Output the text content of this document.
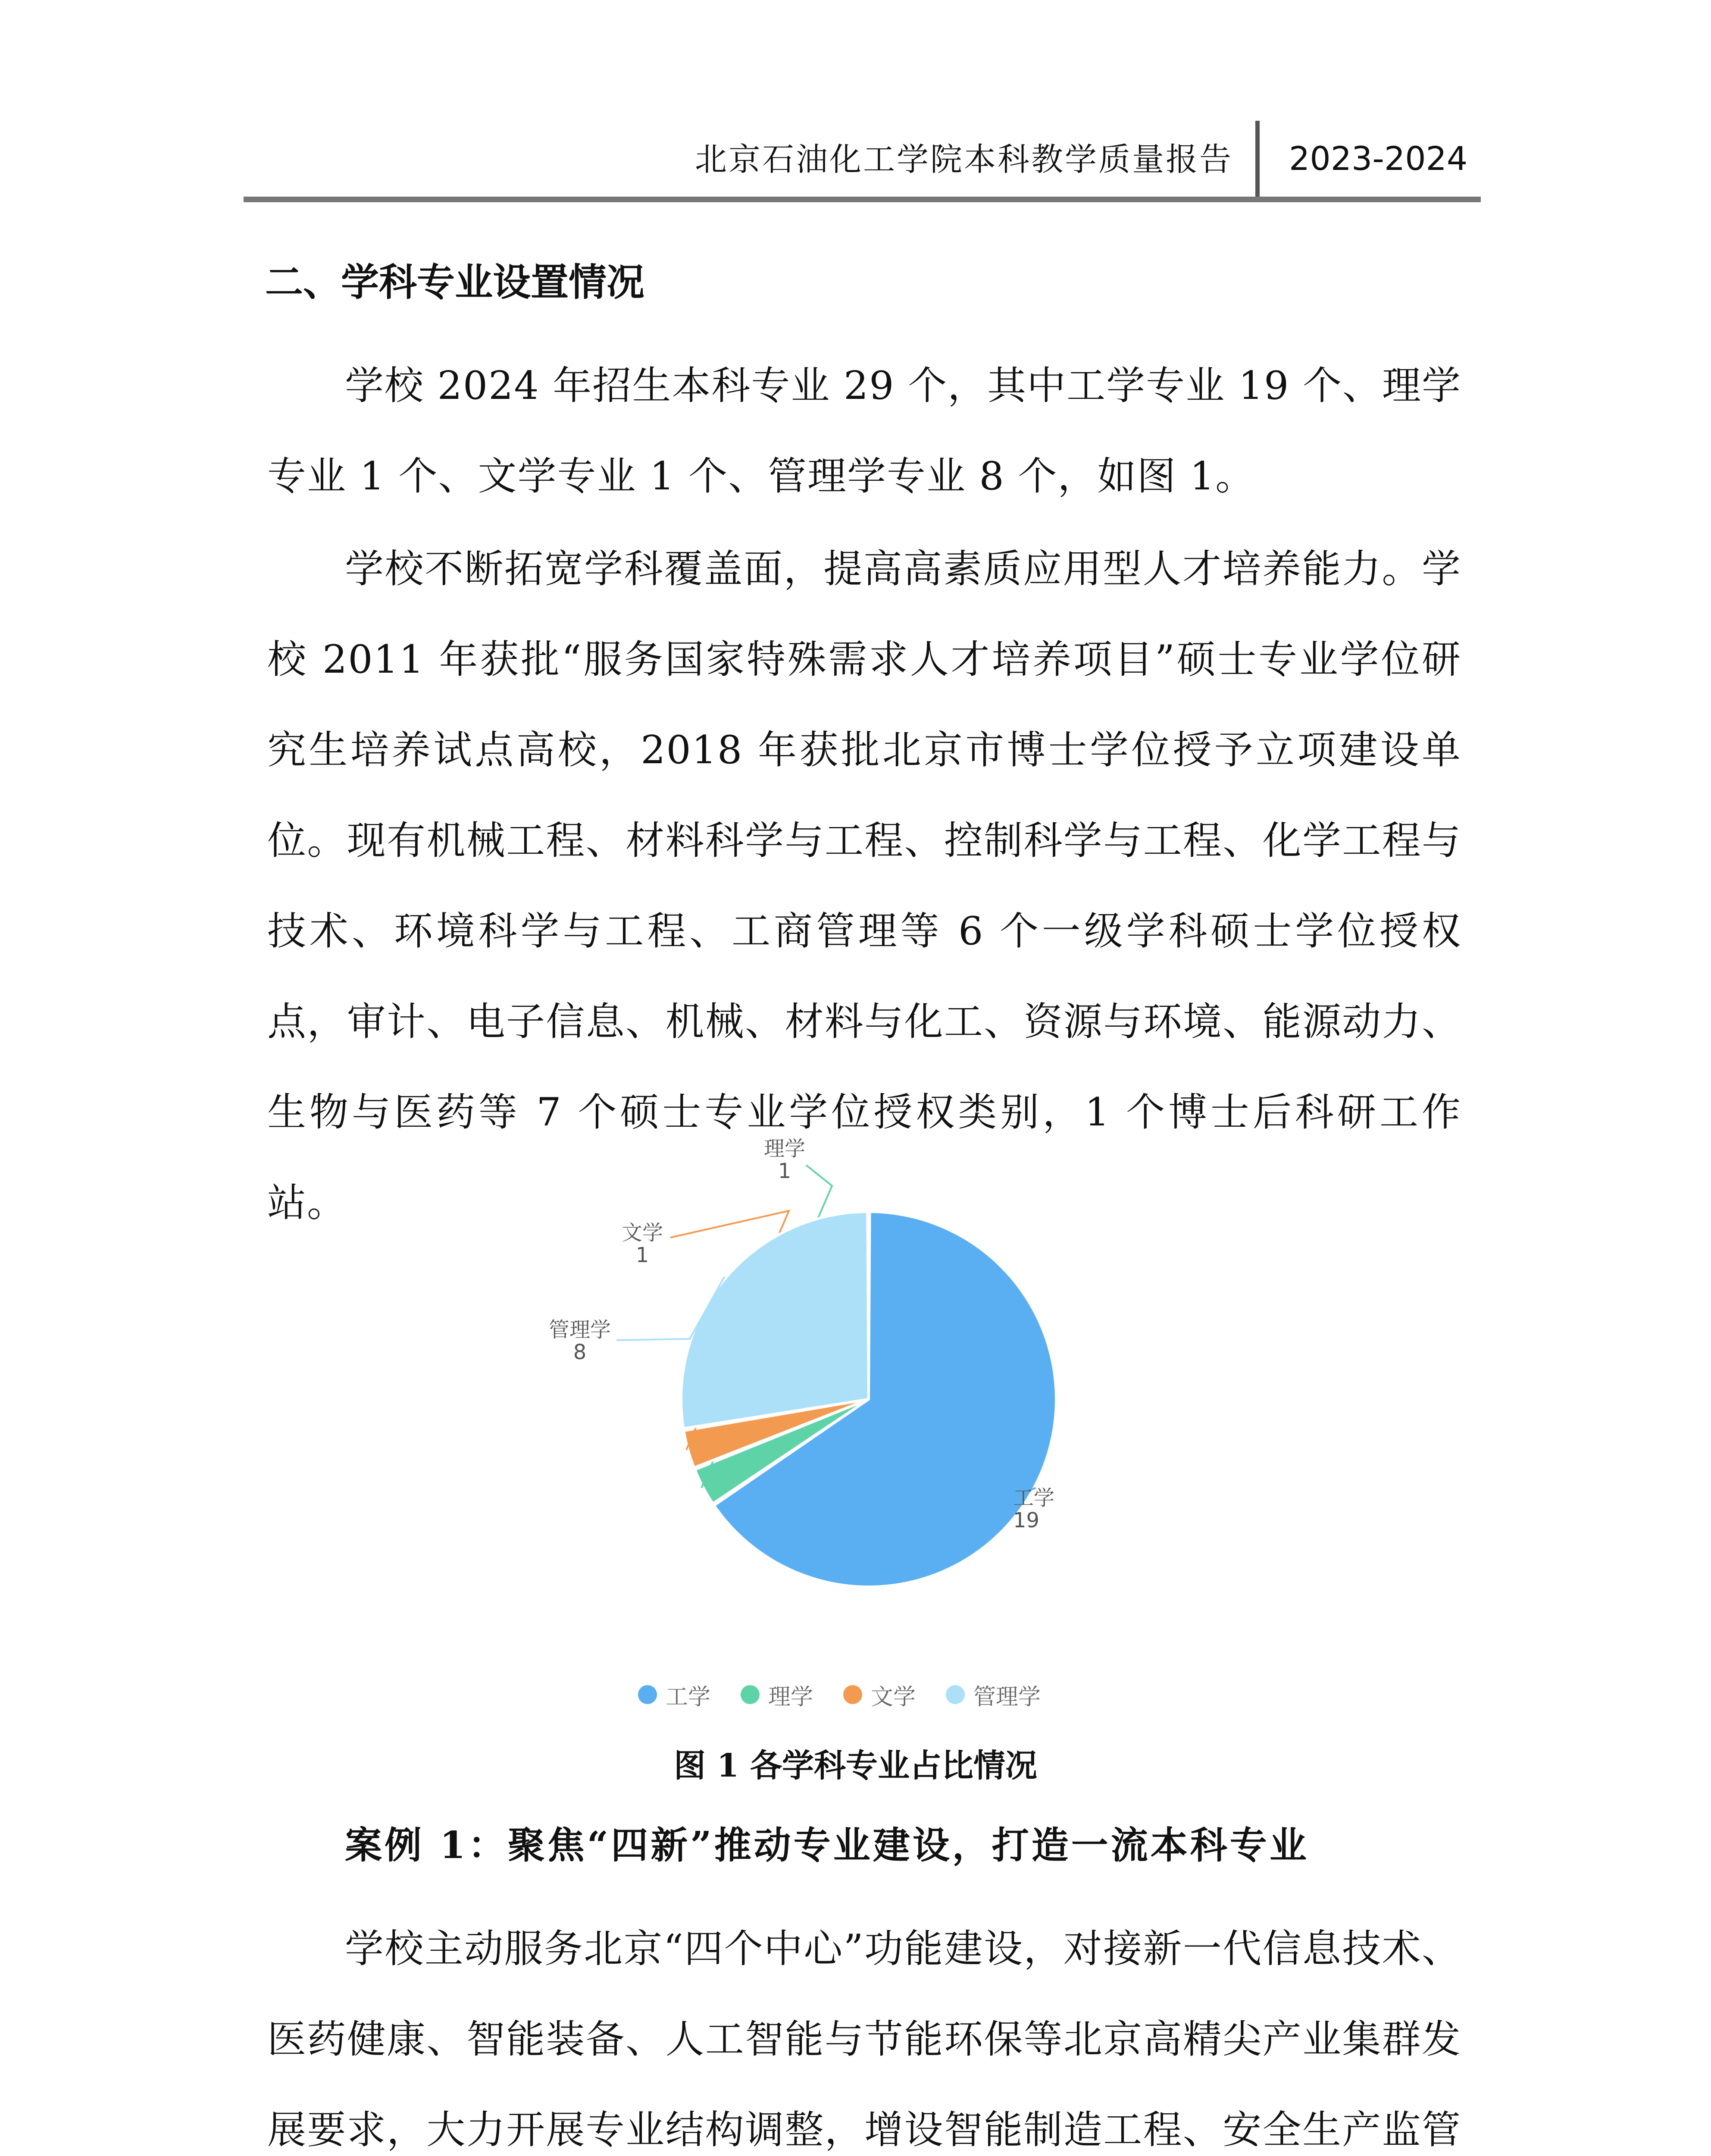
北京石油化工学院本科教学质量报告 2023-2024
二、学科专业设置情况

学校 2024 年招生本科专业 29 个，其中工学专业 19 个、理学专业 1 个、文学专业 1 个、管理学专业 8 个，如图 1。

学校不断拓宽学科覆盖面，提高高素质应用型人才培养能力。学校 2011 年获批“服务国家特殊需求人才培养项目”硕士专业学位研究生培养试点高校，2018 年获批北京市博士学位授予立项建设单位。现有机械工程、材料科学与工程、控制科学与工程、化学工程与技术、环境科学与工程、工商管理等 6 个一级学科硕士学位授权点，审计、电子信息、机械、材料与化工、资源与环境、能源动力、生物与医药等 7 个硕士专业学位授权类别，1 个博士后科研工作站。

工学
19
理学
1
文学
1
管理学
8
工学	理学	文学	管理学
图 1 各学科专业占比情况
案例 1：聚焦“四新”推动专业建设，打造一流本科专业

学校主动服务北京“四个中心”功能建设，对接新一代信息技术、医药健康、智能装备、人工智能与节能环保等北京高精尖产业集群发展要求，大力开展专业结构调整，增设智能制造工程、安全生产监管
